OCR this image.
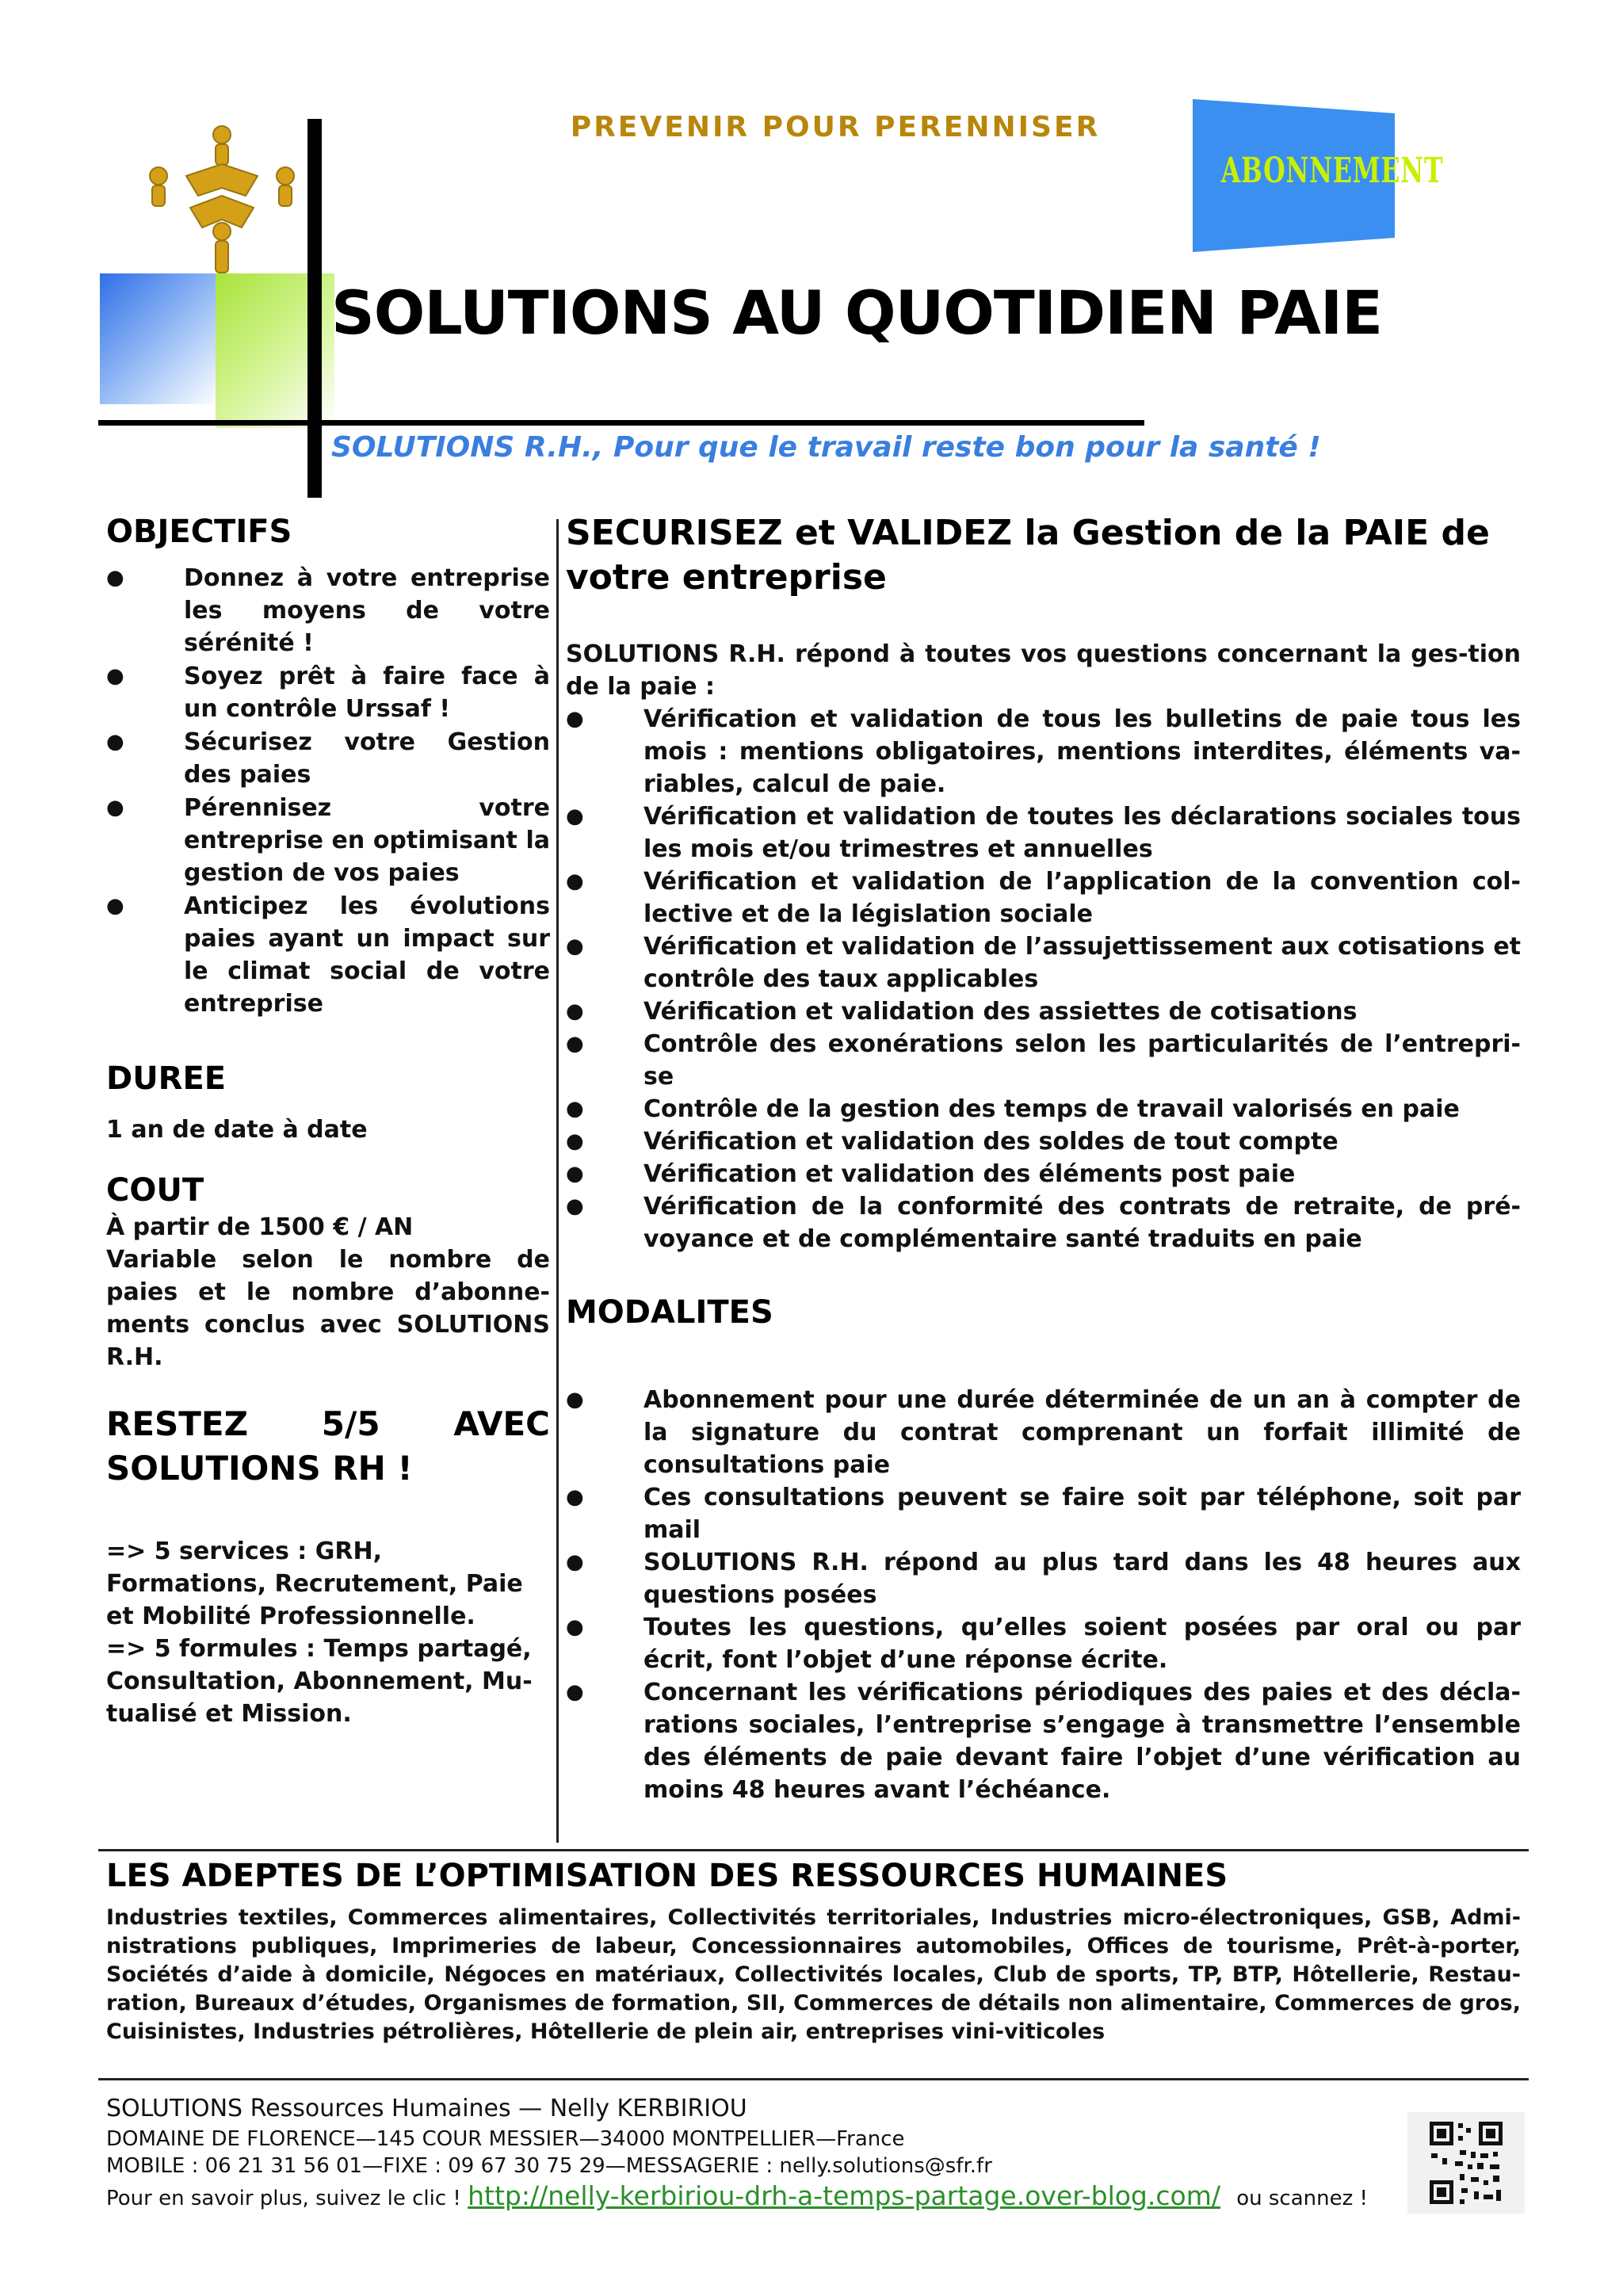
PREVENIR POUR PERENNISER
ABONNEMENT
SOLUTIONS AU QUOTIDIEN PAIE
SOLUTIONS R.H., Pour que le travail reste bon pour la santé !
OBJECTIFS
●	Donnez à votre entreprise les moyens de votre sérénité !
●	Soyez prêt à faire face à un contrôle Urssaf !
●	Sécurisez votre Gestion des paies
●	Pérennisez votre entreprise en optimisant la gestion de vos paies
●	Anticipez les évolutions paies ayant un impact sur le climat social de votre entreprise
DUREE

1 an de date à date

COUT

À partir de 1500 € / AN

Variable selon le nombre de paies et le nombre d’abonne-ments conclus avec SOLUTIONS R.H.

RESTEZ 5/5 AVEC SOLUTIONS RH !

=> 5 services : GRH, Formations, Recrutement, Paie et Mobilité Professionnelle.

=> 5 formules : Temps partagé, Consultation, Abonnement, Mu-tualisé et Mission.

SECURISEZ et VALIDEZ la Gestion de la PAIE de votre entreprise

SOLUTIONS R.H. répond à toutes vos questions concernant la ges-tion de la paie :

●	Vérification et validation de tous les bulletins de paie tous les mois : mentions obligatoires, mentions interdites, éléments va-riables, calcul de paie.
●	Vérification et validation de toutes les déclarations sociales tous les mois et/ou trimestres et annuelles
●	Vérification et validation de l’application de la convention col-lective et de la législation sociale
●	Vérification et validation de l’assujettissement aux cotisations et contrôle des taux applicables
●	Vérification et validation des assiettes de cotisations
●	Contrôle des exonérations selon les particularités de l’entrepri-se
●	Contrôle de la gestion des temps de travail valorisés en paie
●	Vérification et validation des soldes de tout compte
●	Vérification et validation des éléments post paie
●	Vérification de la conformité des contrats de retraite, de pré-voyance et de complémentaire santé traduits en paie
MODALITES
●	Abonnement pour une durée déterminée de un an à compter de la signature du contrat comprenant un forfait illimité de consultations paie
●	Ces consultations peuvent se faire soit par téléphone, soit par mail
●	SOLUTIONS R.H. répond au plus tard dans les 48 heures aux questions posées
●	Toutes les questions, qu’elles soient posées par oral ou par écrit, font l’objet d’une réponse écrite.
●	Concernant les vérifications périodiques des paies et des décla-rations sociales, l’entreprise s’engage à transmettre l’ensemble des éléments de paie devant faire l’objet d’une vérification au moins 48 heures avant l’échéance.
LES ADEPTES DE L’OPTIMISATION DES RESSOURCES HUMAINES
Industries textiles, Commerces alimentaires, Collectivités territoriales, Industries micro-électroniques, GSB, Admi-nistrations publiques, Imprimeries de labeur, Concessionnaires automobiles, Offices de tourisme, Prêt-à-porter, Sociétés d’aide à domicile, Négoces en matériaux, Collectivités locales, Club de sports, TP, BTP, Hôtellerie, Restau-ration, Bureaux d’études, Organismes de formation, SII, Commerces de détails non alimentaire, Commerces de gros, Cuisinistes, Industries pétrolières, Hôtellerie de plein air, entreprises vini-viticoles
SOLUTIONS Ressources Humaines — Nelly KERBIRIOU
DOMAINE DE FLORENCE—145 COUR MESSIER—34000 MONTPELLIER—France
MOBILE : 06 21 31 56 01—FIXE : 09 67 30 75 29—MESSAGERIE : nelly.solutions@sfr.fr
Pour en savoir plus, suivez le clic ! http://nelly-kerbiriou-drh-a-temps-partage.over-blog.com/ ou scannez !
